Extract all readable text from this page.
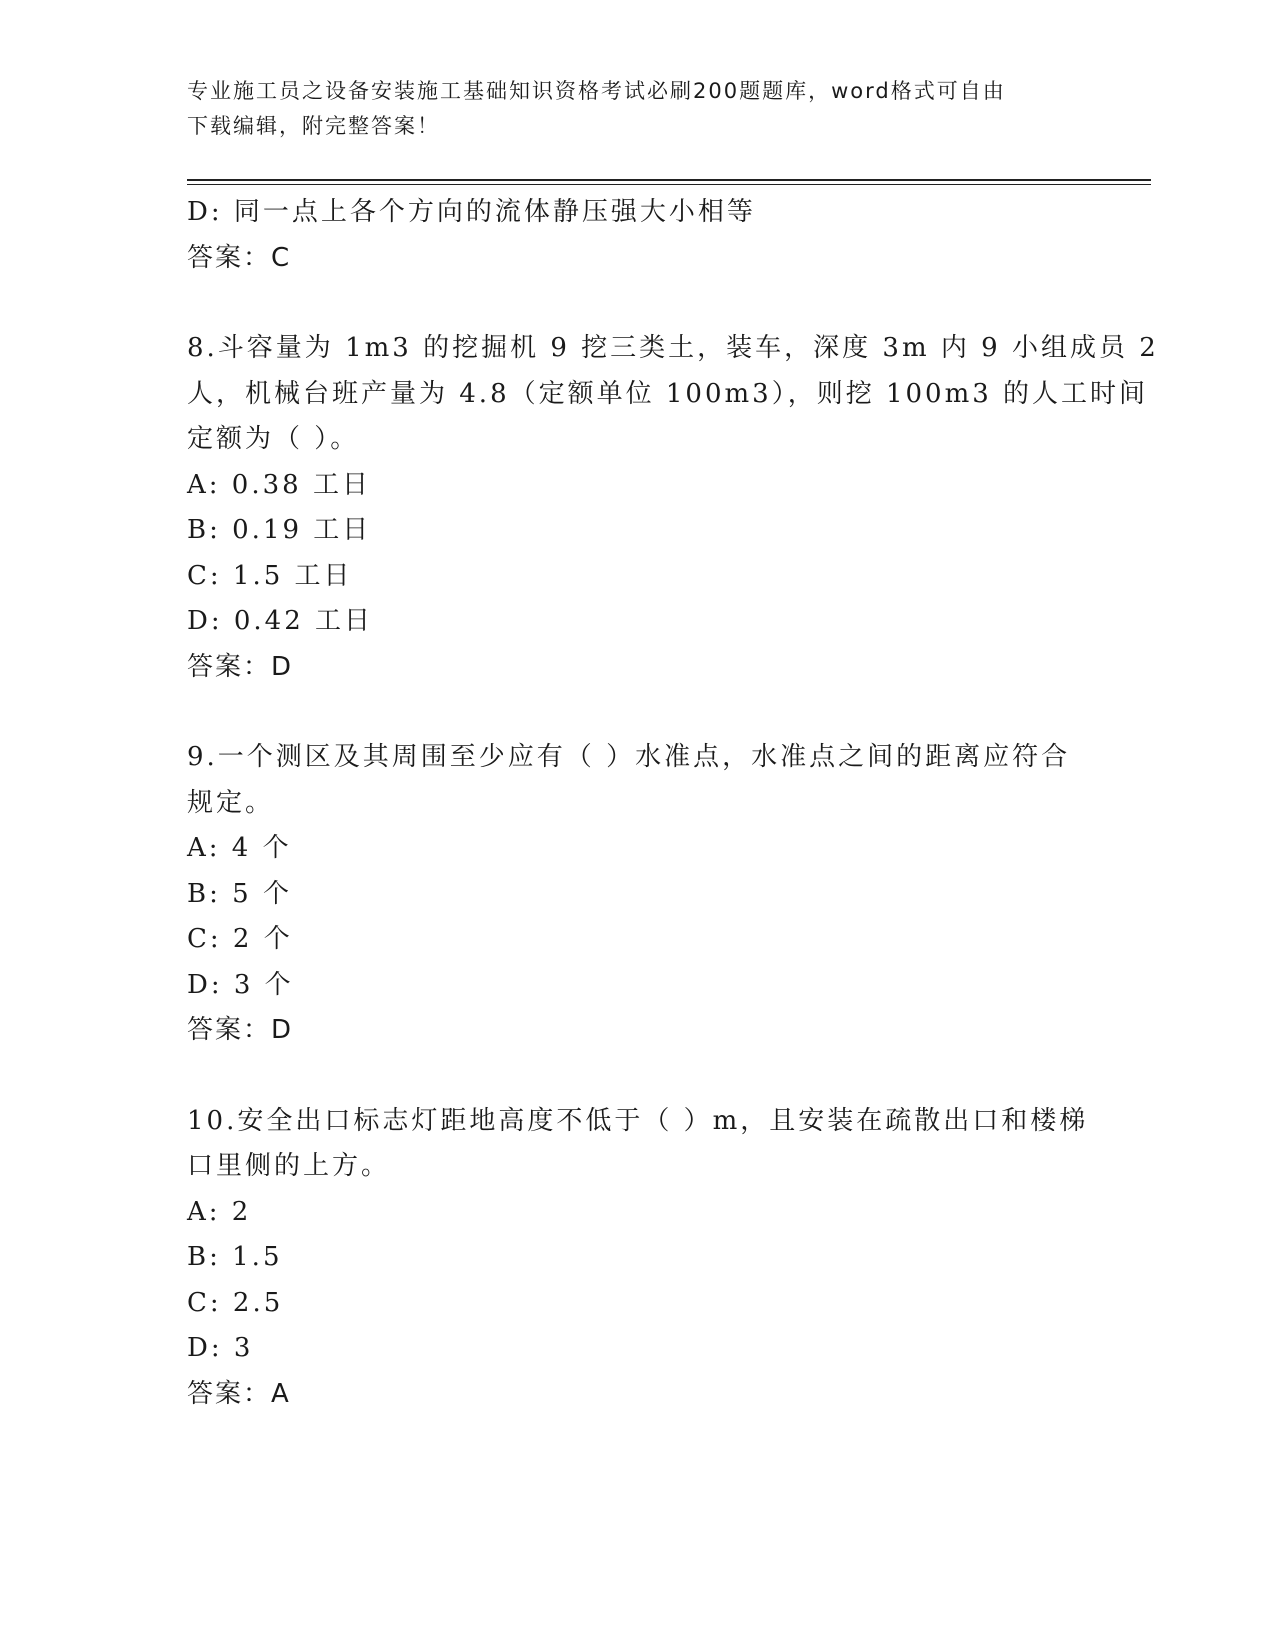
专业施工员之设备安装施工基础知识资格考试必刷200题题库，word格式可自由
下载编辑，附完整答案！
D: 同一点上各个方向的流体静压强大小相等
答案：C
8.斗容量为 1m3 的挖掘机 9 挖三类土，装车，深度 3m 内 9 小组成员 2
人，机械台班产量为 4.8（定额单位 100m3），则挖 100m3 的人工时间
定额为（ ）。
A: 0.38 工日
B: 0.19 工日
C: 1.5 工日
D: 0.42 工日
答案：D
9.一个测区及其周围至少应有（ ）水准点，水准点之间的距离应符合
规定。
A: 4 个
B: 5 个
C: 2 个
D: 3 个
答案：D
10.安全出口标志灯距地高度不低于（ ）m，且安装在疏散出口和楼梯
口里侧的上方。
A: 2
B: 1.5
C: 2.5
D: 3
答案：A
